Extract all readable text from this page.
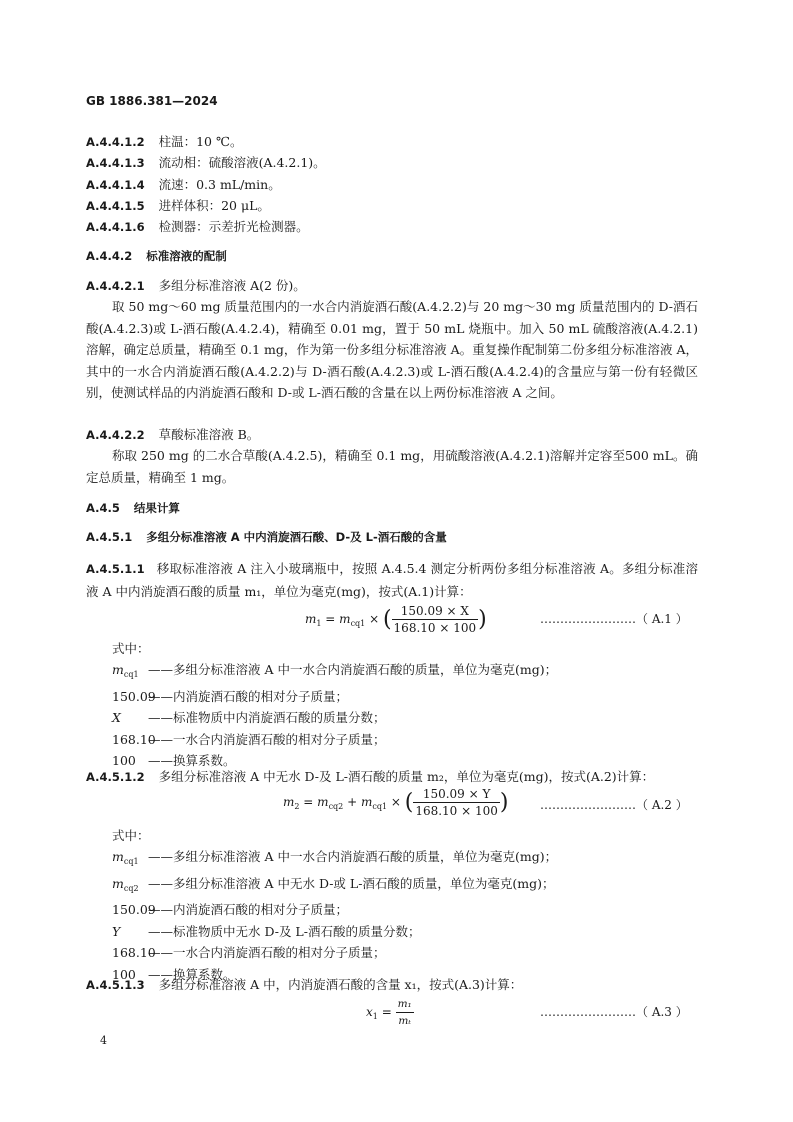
GB 1886.381—2024
A.4.4.1.2 柱温：10 ℃。
A.4.4.1.3 流动相：硫酸溶液(A.4.2.1)。
A.4.4.1.4 流速：0.3 mL/min。
A.4.4.1.5 进样体积：20 μL。
A.4.4.1.6 检测器：示差折光检测器。
A.4.4.2 标准溶液的配制
A.4.4.2.1 多组分标准溶液 A(2 份)。
取 50 mg～60 mg 质量范围内的一水合内消旋酒石酸(A.4.2.2)与 20 mg～30 mg 质量范围内的 D-酒石酸(A.4.2.3)或 L-酒石酸(A.4.2.4)，精确至 0.01 mg，置于 50 mL 烧瓶中。加入 50 mL 硫酸溶液(A.4.2.1)溶解，确定总质量，精确至 0.1 mg，作为第一份多组分标准溶液 A。重复操作配制第二份多组分标准溶液 A，其中的一水合内消旋酒石酸(A.4.2.2)与 D-酒石酸(A.4.2.3)或 L-酒石酸(A.4.2.4)的含量应与第一份有轻微区别，使测试样品的内消旋酒石酸和 D-或 L-酒石酸的含量在以上两份标准溶液 A 之间。
A.4.4.2.2 草酸标准溶液 B。
称取 250 mg 的二水合草酸(A.4.2.5)，精确至 0.1 mg，用硫酸溶液(A.4.2.1)溶解并定容至500 mL。确定总质量，精确至 1 mg。
A.4.5 结果计算
A.4.5.1 多组分标准溶液 A 中内消旋酒石酸、D-及 L-酒石酸的含量
A.4.5.1.1 移取标准溶液 A 注入小玻璃瓶中，按照 A.4.5.4 测定分析两份多组分标准溶液 A。多组分标准溶液 A 中内消旋酒石酸的质量 m₁，单位为毫克(mg)，按式(A.1)计算：
$m_1 = m_{cq1}$ × ( $\frac{150.09 \times X}{168.10 \times 100}$ )	……………………（ A.1 ）
式中：
$m_{cq1}$ ——多组分标准溶液 A 中一水合内消旋酒石酸的质量，单位为毫克(mg)；
150.09——内消旋酒石酸的相对分子质量；
X ——标准物质中内消旋酒石酸的质量分数；
168.10——一水合内消旋酒石酸的相对分子质量；
100 ——换算系数。
A.4.5.1.2 多组分标准溶液 A 中无水 D-及 L-酒石酸的质量 m₂，单位为毫克(mg)，按式(A.2)计算：
$m_2 = m_{cq2} + m_{cq1}$ × ( $\frac{150.09 \times Y}{168.10 \times 100}$ )	……………………（ A.2 ）
式中：
$m_{cq1}$ ——多组分标准溶液 A 中一水合内消旋酒石酸的质量，单位为毫克(mg)；
$m_{cq2}$ ——多组分标准溶液 A 中无水 D-或 L-酒石酸的质量，单位为毫克(mg)；
150.09——内消旋酒石酸的相对分子质量；
Y ——标准物质中无水 D-及 L-酒石酸的质量分数；
168.10——一水合内消旋酒石酸的相对分子质量；
100 ——换算系数。
A.4.5.1.3 多组分标准溶液 A 中，内消旋酒石酸的含量 x₁，按式(A.3)计算：
$x_1 = \frac{\text{m₁}}{\text{mₜ}}$	……………………（ A.3 ）
4
